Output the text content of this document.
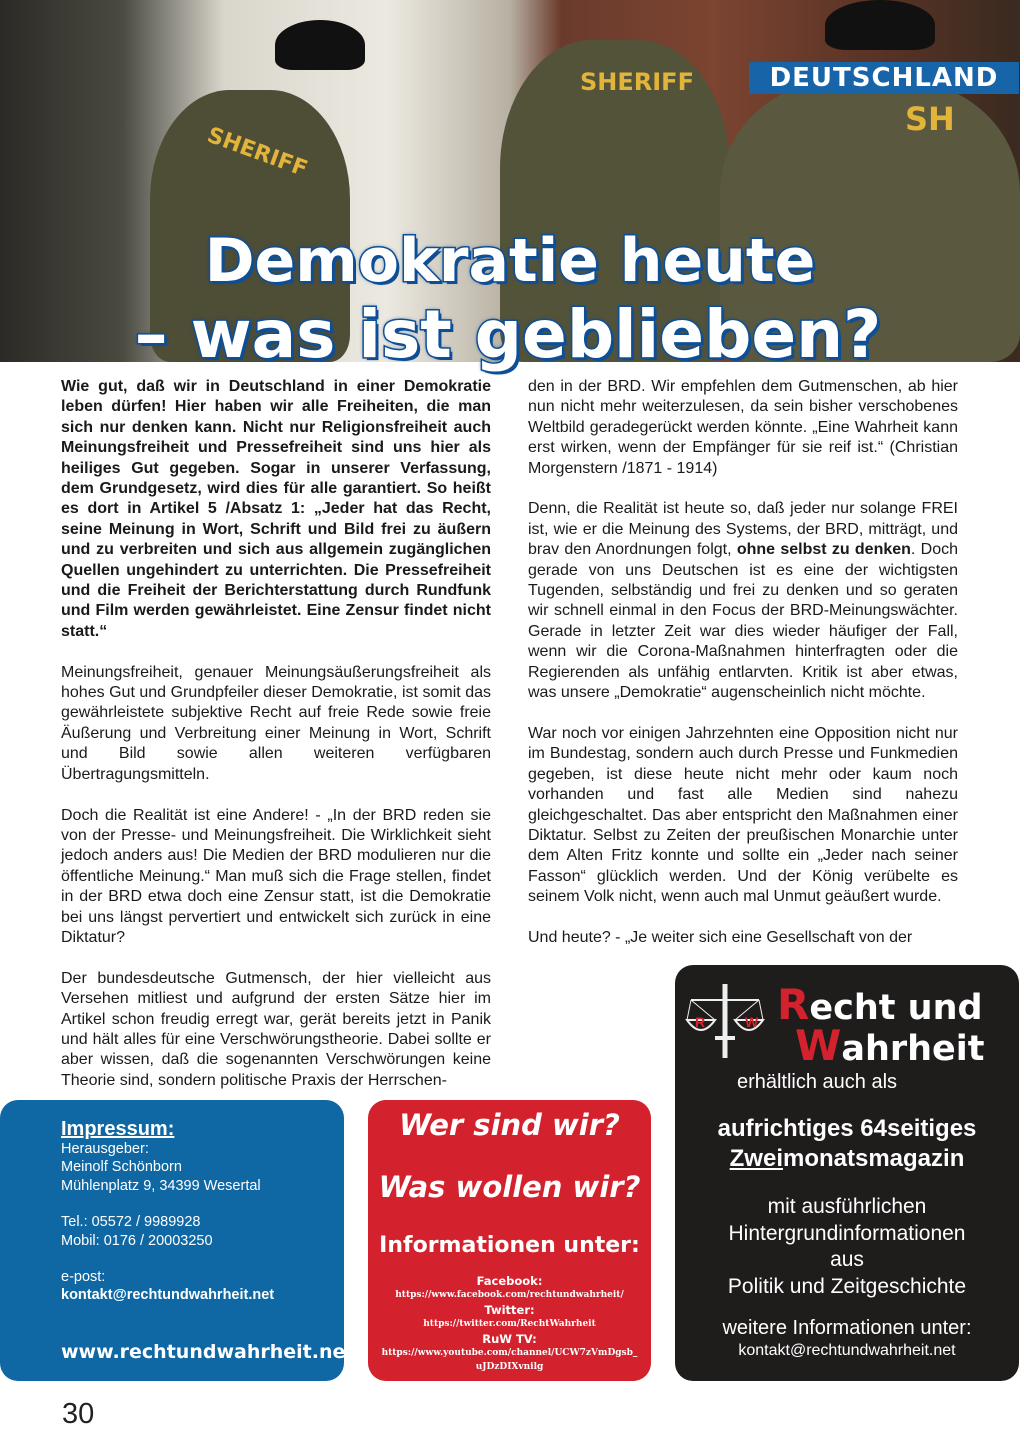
SHERIFF
SHERIFF
SH
DEUTSCHLAND
Demokratie heute
– was ist geblieben?

Wie gut, daß wir in Deutschland in einer Demokratie leben dürfen! Hier haben wir alle Freiheiten, die man sich nur denken kann. Nicht nur Religionsfreiheit auch Meinungsfreiheit und Pressefreiheit sind uns hier als heiliges Gut gegeben. Sogar in unserer Verfassung, dem Grundgesetz, wird dies für alle garantiert. So heißt es dort in Artikel 5 /Absatz 1: „Jeder hat das Recht, seine Meinung in Wort, Schrift und Bild frei zu äußern und zu verbreiten und sich aus allgemein zugänglichen Quellen ungehindert zu unterrichten. Die Pressefreiheit und die Freiheit der Berichterstattung durch Rundfunk und Film werden gewährleistet. Eine Zensur findet nicht statt.“

Meinungsfreiheit, genauer Meinungsäußerungsfreiheit als hohes Gut und Grundpfeiler dieser Demokratie, ist somit das gewährleistete subjektive Recht auf freie Rede sowie freie Äußerung und Verbreitung einer Meinung in Wort, Schrift und Bild sowie allen weiteren verfügbaren Übertragungsmitteln.

Doch die Realität ist eine Andere! - „In der BRD reden sie von der Presse- und Meinungsfreiheit. Die Wirklichkeit sieht jedoch anders aus! Die Medien der BRD modulieren nur die öffentliche Meinung.“ Man muß sich die Frage stellen, findet in der BRD etwa doch eine Zensur statt, ist die Demokratie bei uns längst pervertiert und entwickelt sich zurück in eine Diktatur?

Der bundesdeutsche Gutmensch, der hier vielleicht aus Versehen mitliest und aufgrund der ersten Sätze hier im Artikel schon freudig erregt war, gerät bereits jetzt in Panik und hält alles für eine Verschwörungstheorie. Dabei sollte er aber wissen, daß die sogenannten Verschwörungen keine Theorie sind, sondern politische Praxis der Herrschen-

den in der BRD. Wir empfehlen dem Gutmenschen, ab hier nun nicht mehr weiterzulesen, da sein bisher verschobenes Weltbild geradegerückt werden könnte. „Eine Wahrheit kann erst wirken, wenn der Empfänger für sie reif ist.“ (Christian Morgenstern /1871 - 1914)

Denn, die Realität ist heute so, daß jeder nur solange FREI ist, wie er die Meinung des Systems, der BRD, mitträgt, und brav den Anordnungen folgt, ohne selbst zu denken. Doch gerade von uns Deutschen ist es eine der wichtigsten Tugenden, selbständig und frei zu denken und so geraten wir schnell einmal in den Focus der BRD-Meinungswächter. Gerade in letzter Zeit war dies wieder häufiger der Fall, wenn wir die Corona-Maßnahmen hinterfragten oder die Regierenden als unfähig entlarvten. Kritik ist aber etwas, was unsere „Demokratie“ augenscheinlich nicht möchte.

War noch vor einigen Jahrzehnten eine Opposition nicht nur im Bundestag, sondern auch durch Presse und Funkmedien gegeben, ist diese heute nicht mehr oder kaum noch vorhanden und fast alle Medien sind nahezu gleichgeschaltet. Das aber entspricht den Maßnahmen einer Diktatur. Selbst zu Zeiten der preußischen Monarchie unter dem Alten Fritz konnte und sollte ein „Jeder nach seiner Fasson“ glücklich werden. Und der König verübelte es seinem Volk nicht, wenn auch mal Unmut geäußert wurde.

Und heute? - „Je weiter sich eine Gesellschaft von der

Impressum:
Herausgeber:
Meinolf Schönborn
Mühlenplatz 9, 34399 Wesertal
Tel.: 05572 / 9989928
Mobil: 0176 / 20003250
e-post:
kontakt@rechtundwahrheit.net
www.rechtundwahrheit.net
Wer sind wir?
Was wollen wir?
Informationen unter:
Facebook:
https://www.facebook.com/rechtundwahrheit/
Twitter:
https://twitter.com/RechtWahrheit
RuW TV:
https://www.youtube.com/channel/UCW7zVmDgsb_uJDzDIXvnilg
R	W Recht und
Wahrheit
erhältlich auch als
aufrichtiges 64seitiges
Zweimonatsmagazin
mit ausführlichen
Hintergrundinformationen
aus
Politik und Zeitgeschichte
weitere Informationen unter:
kontakt@rechtundwahrheit.net
30
